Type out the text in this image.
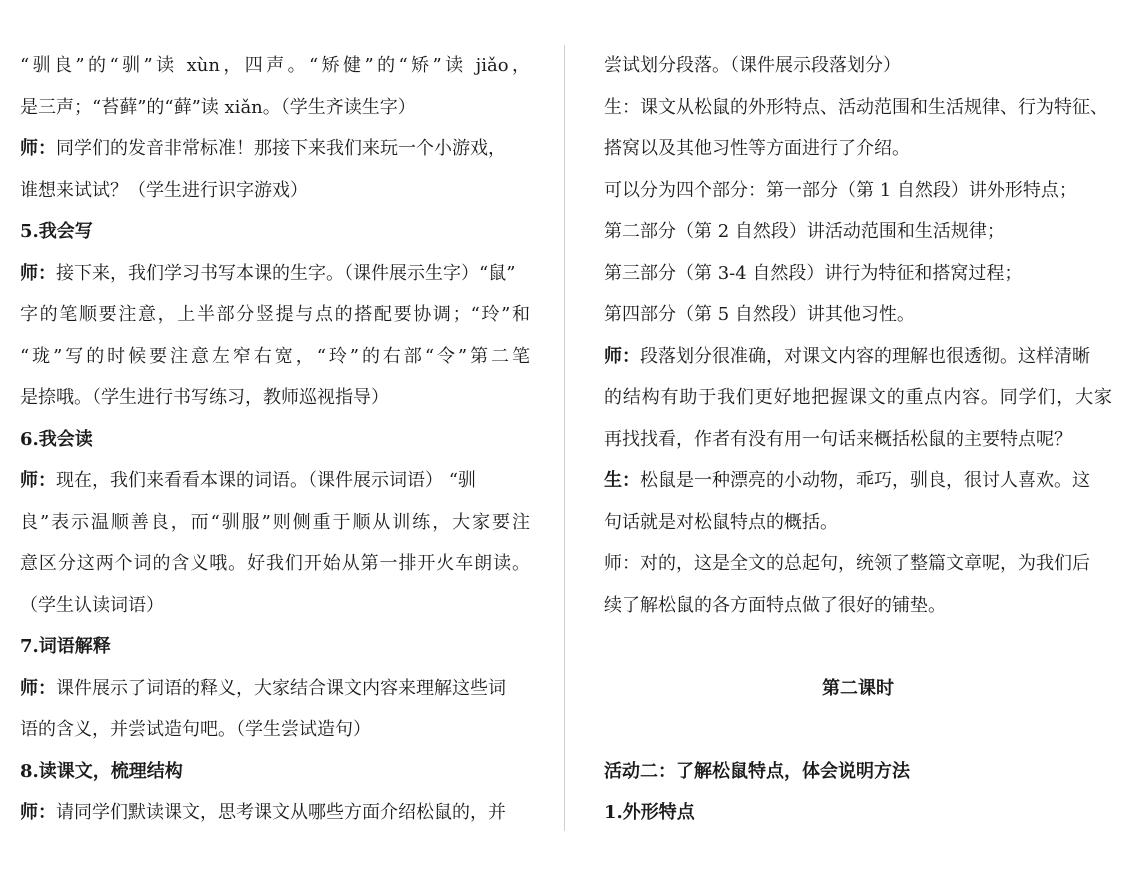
“驯良”的“驯”读 xùn，四声。“矫健”的“矫”读 jiǎo，
是三声；“苔藓”的“藓”读 xiǎn。（学生齐读生字）
师：同学们的发音非常标准！那接下来我们来玩一个小游戏，
谁想来试试？（学生进行识字游戏）
5.我会写
师：接下来，我们学习书写本课的生字。（课件展示生字）“鼠”
字的笔顺要注意，上半部分竖提与点的搭配要协调；“玲”和
“珑”写的时候要注意左窄右宽，“玲”的右部“令”第二笔
是捺哦。（学生进行书写练习，教师巡视指导）
6.我会读
师：现在，我们来看看本课的词语。（课件展示词语） “驯
良”表示温顺善良，而“驯服”则侧重于顺从训练，大家要注
意区分这两个词的含义哦。好我们开始从第一排开火车朗读。
（学生认读词语）
7.词语解释
师：课件展示了词语的释义，大家结合课文内容来理解这些词
语的含义，并尝试造句吧。（学生尝试造句）
8.读课文，梳理结构
师：请同学们默读课文，思考课文从哪些方面介绍松鼠的，并
尝试划分段落。（课件展示段落划分）
生：课文从松鼠的外形特点、活动范围和生活规律、行为特征、
搭窝以及其他习性等方面进行了介绍。
可以分为四个部分：第一部分（第 1 自然段）讲外形特点；
第二部分（第 2 自然段）讲活动范围和生活规律；
第三部分（第 3-4 自然段）讲行为特征和搭窝过程；
第四部分（第 5 自然段）讲其他习性。
师：段落划分很准确，对课文内容的理解也很透彻。这样清晰
的结构有助于我们更好地把握课文的重点内容。同学们，大家
再找找看，作者有没有用一句话来概括松鼠的主要特点呢？
生：松鼠是一种漂亮的小动物，乖巧，驯良，很讨人喜欢。这
句话就是对松鼠特点的概括。
师：对的，这是全文的总起句，统领了整篇文章呢，为我们后
续了解松鼠的各方面特点做了很好的铺垫。
第二课时
活动二：了解松鼠特点，体会说明方法
1.外形特点
